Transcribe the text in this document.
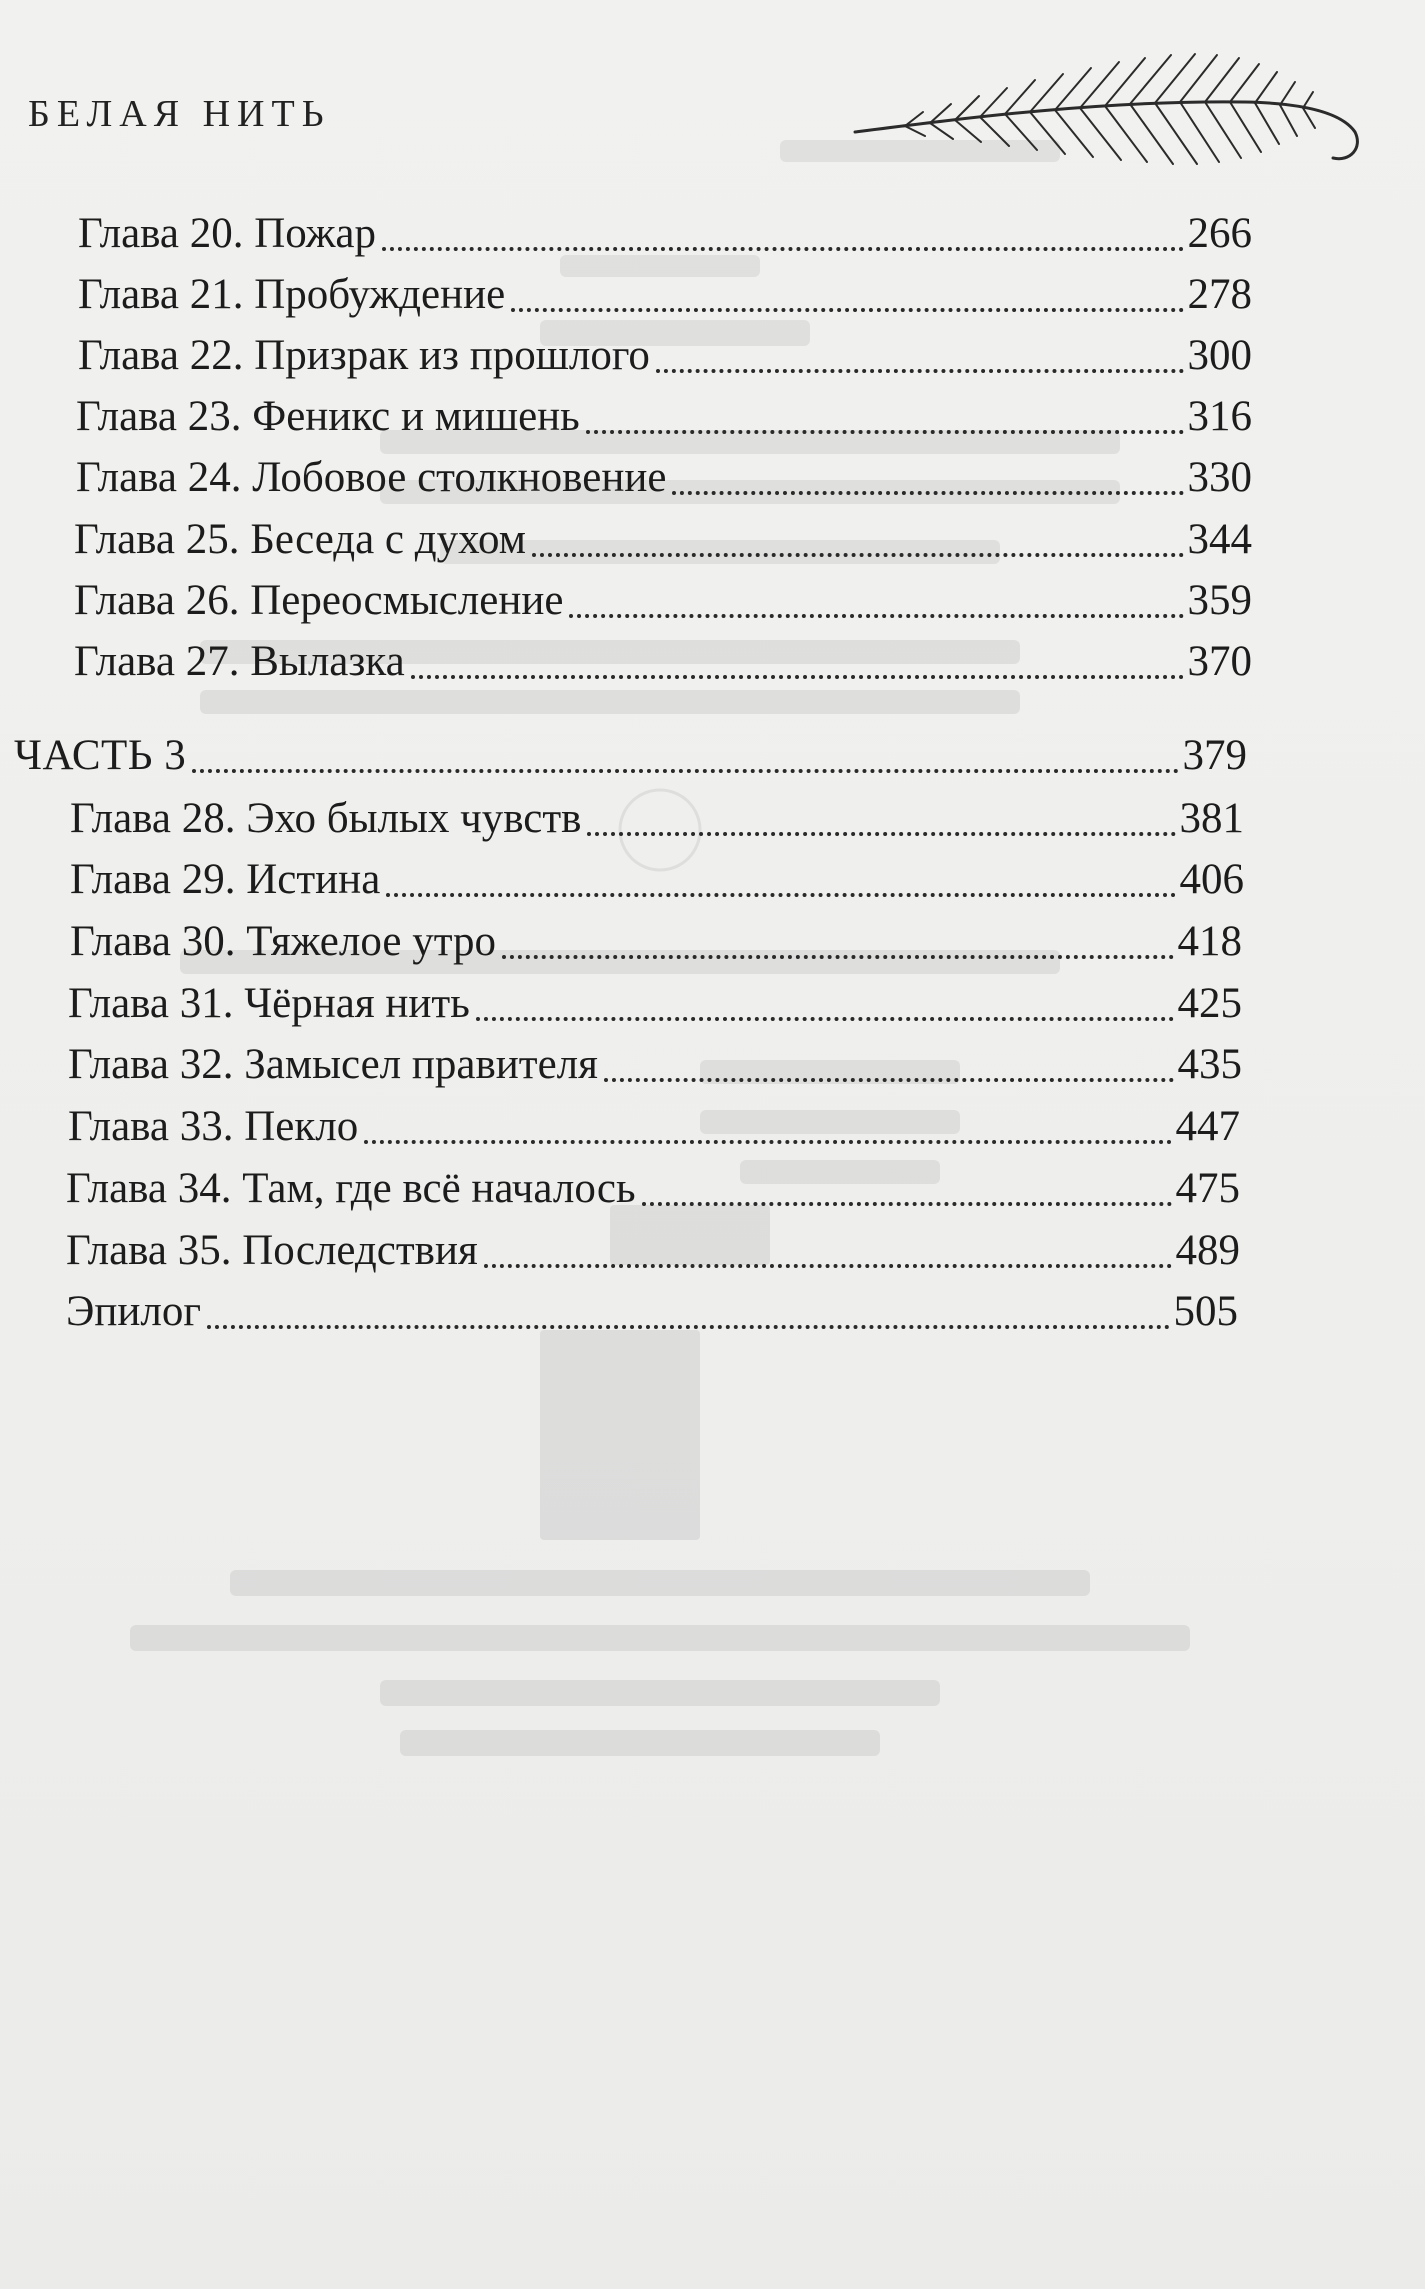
БЕЛАЯ НИТЬ
Глава 20. Пожар	266
Глава 21. Пробуждение	278
Глава 22. Призрак из прошлого	300
Глава 23. Феникс и мишень	316
Глава 24. Лобовое столкновение	330
Глава 25. Беседа с духом	344
Глава 26. Переосмысление	359
Глава 27. Вылазка	370
ЧАСТЬ 3	379
Глава 28. Эхо былых чувств	381
Глава 29. Истина	406
Глава 30. Тяжелое утро	418
Глава 31. Чёрная нить	425
Глава 32. Замысел правителя	435
Глава 33. Пекло	447
Глава 34. Там, где всё началось	475
Глава 35. Последствия	489
Эпилог	505
